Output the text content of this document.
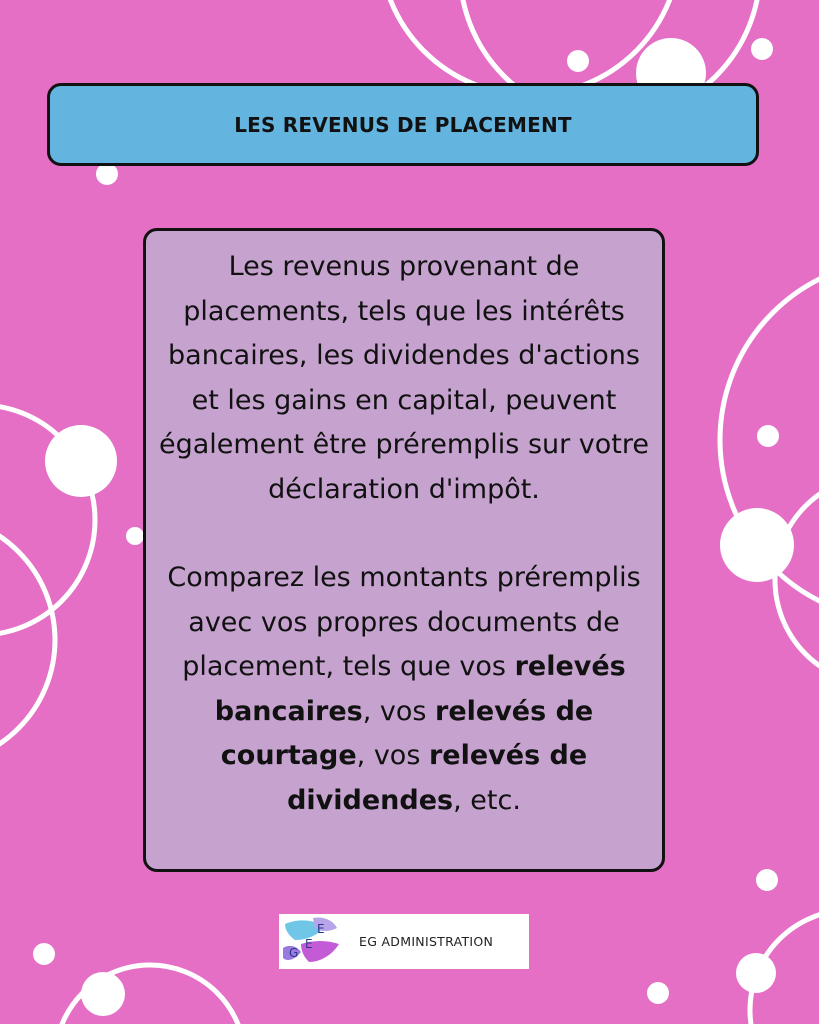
LES REVENUS DE PLACEMENT

Les revenus provenant de placements, tels que les intérêts bancaires, les dividendes d'actions et les gains en capital, peuvent également être préremplis sur votre déclaration d'impôt.

Comparez les montants préremplis avec vos propres documents de placement, tels que vos relevés bancaires, vos relevés de courtage, vos relevés de dividendes, etc.

G
E
E	EG ADMINISTRATION
